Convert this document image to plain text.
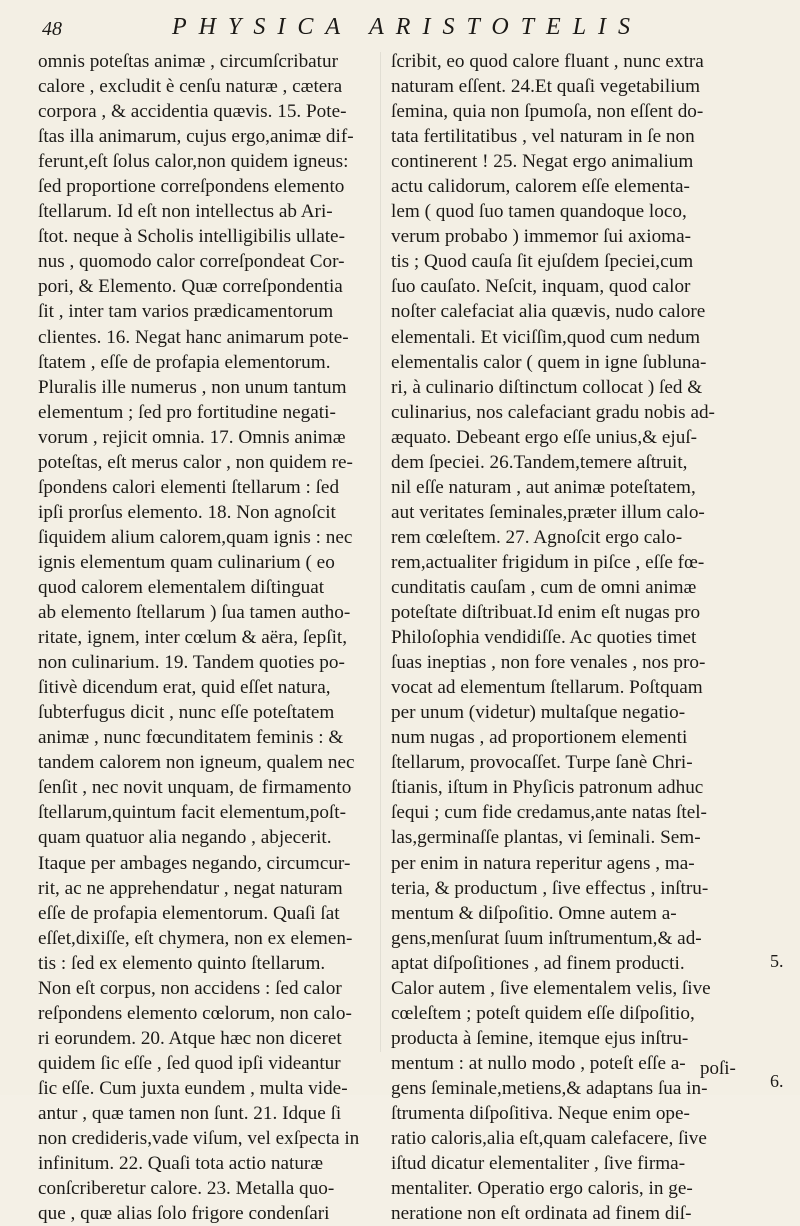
48	PHYSICA ARISTOTELIS
omnis poteſtas animæ , circumſcribatur
calore , excludit è cenſu naturæ , cætera
corpora , & accidentia quævis. 15. Pote-
ſtas illa animarum, cujus ergo,animæ dif-
ferunt,eſt ſolus calor,non quidem igneus:
ſed proportione correſpondens elemento
ſtellarum. Id eſt non intellectus ab Ari-
ſtot. neque à Scholis intelligibilis ullate-
nus , quomodo calor correſpondeat Cor-
pori, & Elemento. Quæ correſpondentia
ſit , inter tam varios prædicamentorum
clientes. 16. Negat hanc animarum pote-
ſtatem , eſſe de profapia elementorum.
Pluralis ille numerus , non unum tantum
elementum ; ſed pro fortitudine negati-
vorum , rejicit omnia. 17. Omnis animæ
poteſtas, eſt merus calor , non quidem re-
ſpondens calori elementi ſtellarum : ſed
ipſi prorſus elemento. 18. Non agnoſcit
ſiquidem alium calorem,quam ignis : nec
ignis elementum quam culinarium ( eo
quod calorem elementalem diſtinguat
ab elemento ſtellarum ) ſua tamen autho-
ritate, ignem, inter cœlum & aëra, ſepſit,
non culinarium. 19. Tandem quoties po-
ſitivè dicendum erat, quid eſſet natura,
ſubterfugus dicit , nunc eſſe poteſtatem
animæ , nunc fœcunditatem feminis : &
tandem calorem non igneum, qualem nec
ſenſit , nec novit unquam, de firmamento
ſtellarum,quintum facit elementum,poſt-
quam quatuor alia negando , abjecerit.
Itaque per ambages negando, circumcur-
rit, ac ne apprehendatur , negat naturam
eſſe de profapia elementorum. Quaſi ſat
eſſet,dixiſſe, eſt chymera, non ex elemen-
tis : ſed ex elemento quinto ſtellarum.
Non eſt corpus, non accidens : ſed calor
reſpondens elemento cœlorum, non calo-
ri eorundem. 20. Atque hæc non diceret
quidem ſic eſſe , ſed quod ipſi videantur
ſic eſſe. Cum juxta eundem , multa vide-
antur , quæ tamen non ſunt. 21. Idque ſi
non credideris,vade viſum, vel exſpecta in
infinitum. 22. Quaſi tota actio naturæ
conſcriberetur calore. 23. Metalla quo-
que , quæ alias ſolo frigore condenſari
ſcribit, eo quod calore fluant , nunc extra
naturam eſſent. 24.Et quaſi vegetabilium
ſemina, quia non ſpumoſa, non eſſent do-
tata fertilitatibus , vel naturam in ſe non
continerent ! 25. Negat ergo animalium
actu calidorum, calorem eſſe elementa-
lem ( quod ſuo tamen quandoque loco,
verum probabo ) immemor ſui axioma-
tis ; Quod cauſa ſit ejuſdem ſpeciei,cum
ſuo cauſato. Neſcit, inquam, quod calor
noſter calefaciat alia quævis, nudo calore
elementali. Et viciſſim,quod cum nedum
elementalis calor ( quem in igne ſubluna-
ri, à culinario diſtinctum collocat ) ſed &
culinarius, nos calefaciant gradu nobis ad-
æquato. Debeant ergo eſſe unius,& ejuſ-
dem ſpeciei. 26.Tandem,temere aſtruit,
nil eſſe naturam , aut animæ poteſtatem,
aut veritates ſeminales,præter illum calo-
rem cœleſtem. 27. Agnoſcit ergo calo-
rem,actualiter frigidum in piſce , eſſe fœ-
cunditatis cauſam , cum de omni animæ
poteſtate diſtribuat.Id enim eſt nugas pro
Philoſophia vendidiſſe. Ac quoties timet
ſuas ineptias , non fore venales , nos pro-
vocat ad elementum ſtellarum. Poſtquam
per unum (videtur) multaſque negatio-
num nugas , ad proportionem elementi
ſtellarum, provocaſſet. Turpe ſanè Chri-
ſtianis, iſtum in Phyſicis patronum adhuc
ſequi ; cum fide credamus,ante natas ſtel-
las,germinaſſe plantas, vi ſeminali. Sem-
per enim in natura reperitur agens , ma-
teria, & productum , ſive effectus , inſtru-
mentum & diſpoſitio. Omne autem a-
gens,menſurat ſuum inſtrumentum,& ad-
aptat diſpoſitiones , ad finem producti.
Calor autem , ſive elementalem velis, ſive
cœleſtem ; poteſt quidem eſſe diſpoſitio,
producta à ſemine, itemque ejus inſtru-
mentum : at nullo modo , poteſt eſſe a-
gens ſeminale,metiens,& adaptans ſua in-
ſtrumenta diſpoſitiva. Neque enim ope-
ratio caloris,alia eſt,quam calefacere, ſive
iſtud dicatur elementaliter , ſive firma-
mentaliter. Operatio ergo caloris, in ge-
neratione non eſt ordinata ad finem diſ-
5.
6.
poſi-
